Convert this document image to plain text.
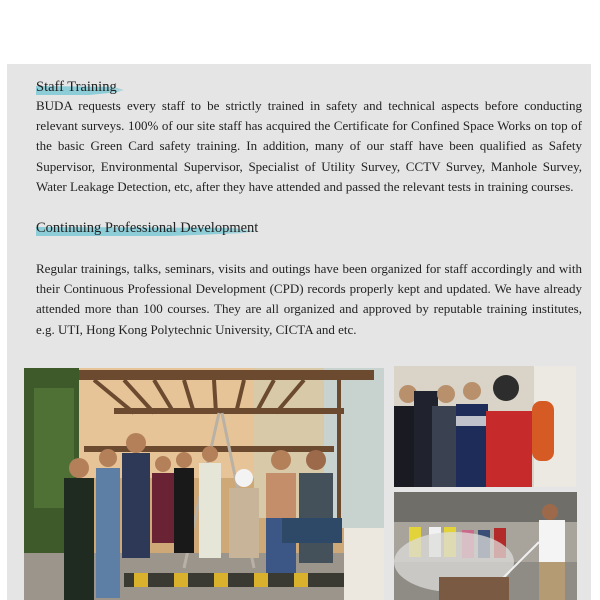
Staff Training
BUDA requests every staff to be strictly trained in safety and technical aspects before conducting relevant surveys. 100% of our site staff has acquired the Certificate for Confined Space Works on top of the basic Green Card safety training. In addition, many of our staff have been qualified as Safety Supervisor, Environmental Supervisor, Specialist of Utility Survey, CCTV Survey, Manhole Survey, Water Leakage Detection, etc, after they have attended and passed the relevant tests in training courses.
Continuing Professional Development
Regular trainings, talks, seminars, visits and outings have been organized for staff accordingly and with their Continuous Professional Development (CPD) records properly kept and updated. We have already attended more than 100 courses. They are all organized and approved by reputable training institutes, e.g. UTI, Hong Kong Polytechnic University, CICTA and etc.
